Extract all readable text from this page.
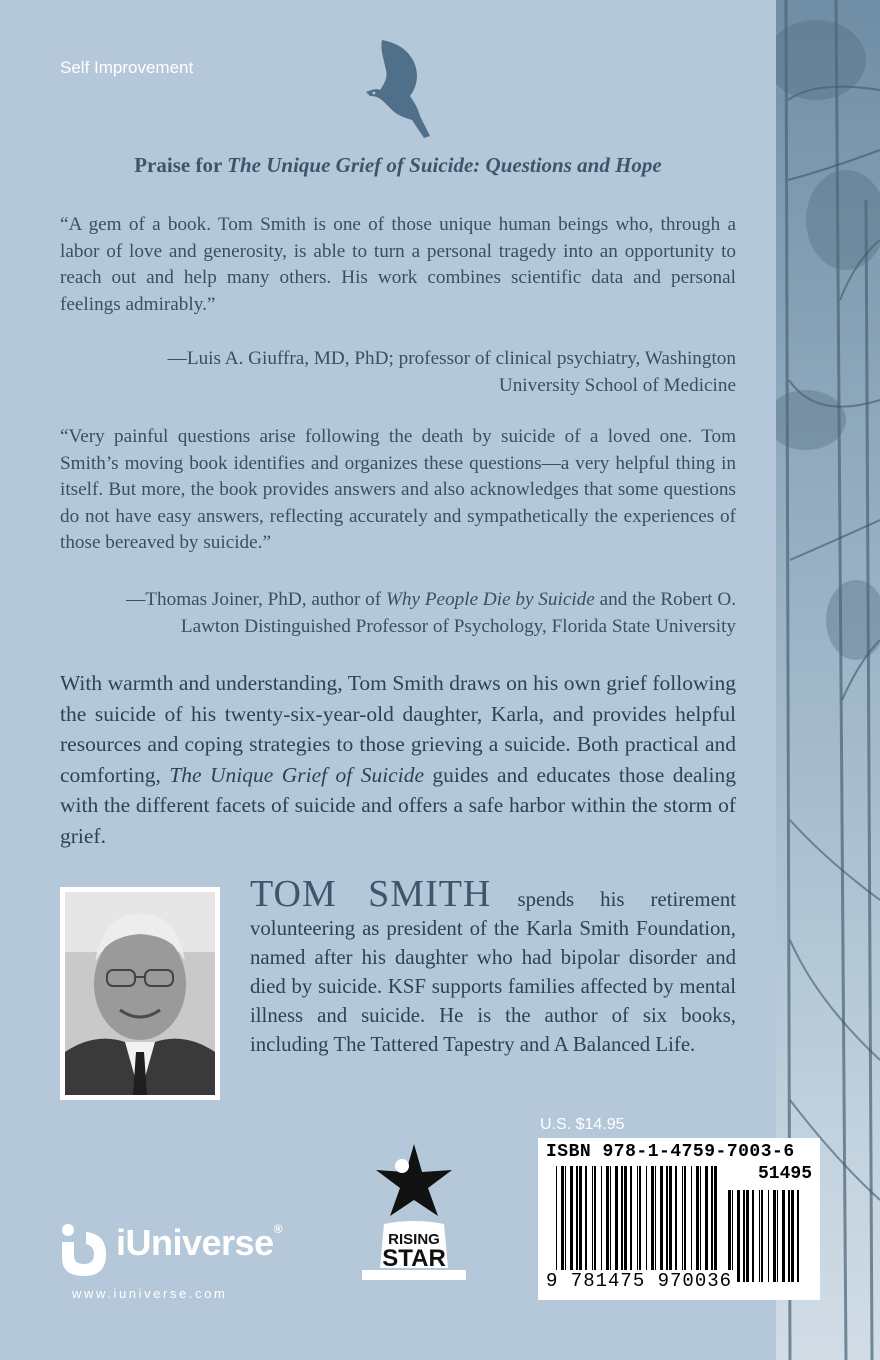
Self Improvement
Praise for The Unique Grief of Suicide: Questions and Hope

“A gem of a book. Tom Smith is one of those unique human beings who, through a labor of love and generosity, is able to turn a personal tragedy into an opportunity to reach out and help many others. His work combines scientific data and personal feelings admirably.”

—Luis A. Giuffra, MD, PhD; professor of clinical psychiatry, Washington
University School of Medicine

“Very painful questions arise following the death by suicide of a loved one. Tom Smith’s moving book identifies and organizes these questions—a very helpful thing in itself. But more, the book provides answers and also acknowledges that some questions do not have easy answers, reflecting accurately and sympathetically the experiences of those bereaved by suicide.”

—Thomas Joiner, PhD, author of Why People Die by Suicide and the Robert O.
Lawton Distinguished Professor of Psychology, Florida State University

With warmth and understanding, Tom Smith draws on his own grief following the suicide of his twenty-six-year-old daughter, Karla, and provides helpful resources and coping strategies to those grieving a suicide. Both practical and comforting, The Unique Grief of Suicide guides and educates those dealing with the different facets of suicide and offers a safe harbor within the storm of grief.

TOM SMITH spends his retirement volunteering as president of the Karla Smith Foundation, named after his daughter who had bipolar disorder and died by suicide. KSF supports families affected by mental illness and suicide. He is the author of six books, including The Tattered Tapestry and A Balanced Life.

U.S. $14.95
ISBN 978-1-4759-7003-6
51495
9 781475 970036
RISING
STAR
iUniverse®
www.iuniverse.com
